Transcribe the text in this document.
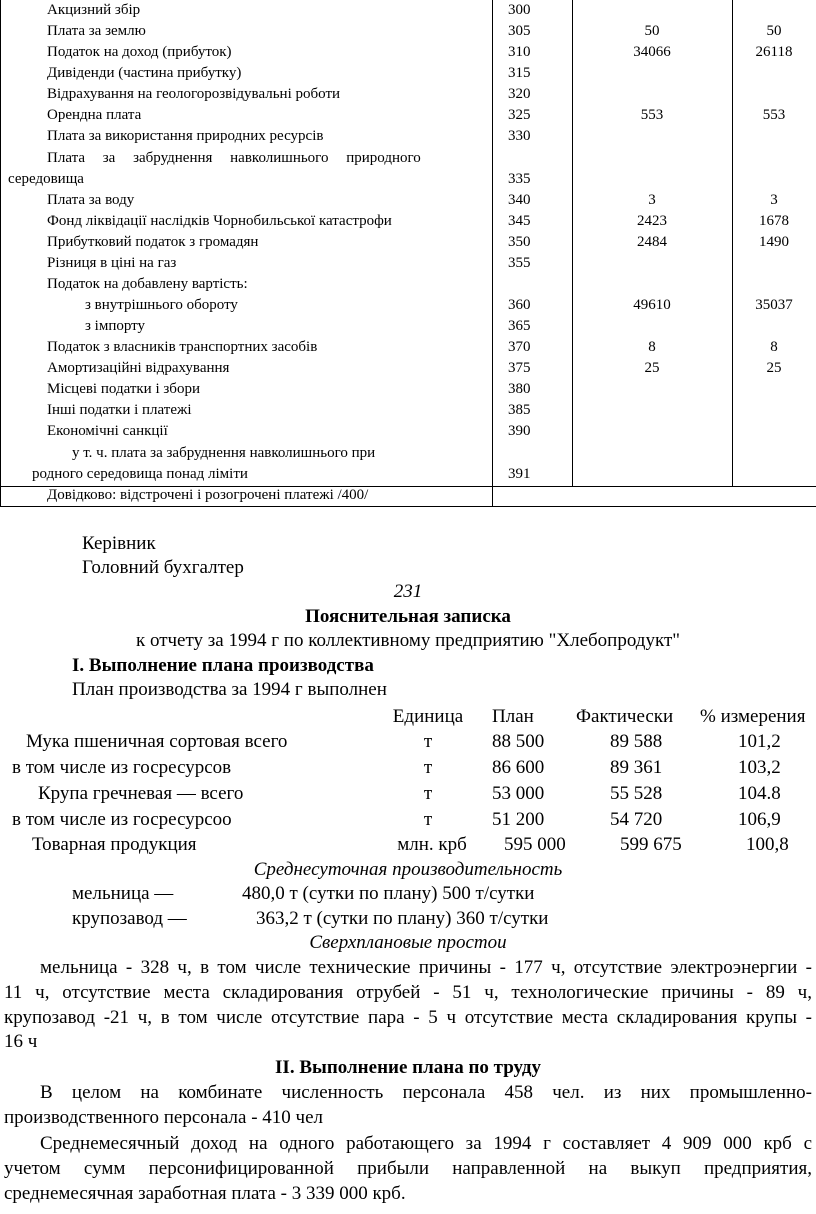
Акцизний збір	300
Плата за землю	305	50	50
Податок на доход (прибуток)	310	34066	26118
Дивіденди (частина прибутку)	315
Відрахування на геологорозвідувальні роботи	320
Орендна плата	325	553	553
Плата за використання природних ресурсів	330
Плата за забруднення навколишнього природного
середовища	335
Плата за воду	340	3	3
Фонд ліквідації наслідків Чорнобильської катастрофи	345	2423	1678
Прибутковий податок з громадян	350	2484	1490
Різниця в ціні на газ	355
Податок на добавлену вартість:
з внутрішнього обороту	360	49610	35037
з імпорту	365
Податок з власників транспортних засобів	370	8	8
Амортизаційні відрахування	375	25	25
Місцеві податки і збори	380
Інші податки і платежі	385
Економічні санкції	390
у т. ч. плата за забруднення навколишнього при
родного середовища понад ліміти	391
Довідково: відстрочені і розогрочені платежі /400/
Керівник
Головний бухгалтер
231
Пояснительная записка
к отчету за 1994 г по коллективному предприятию "Хлебопродукт"
I. Выполнение плана производства
План производства за 1994 г выполнен
Единица План Фактически % измерения
Мука пшеничная сортовая всего	т	88 500	89 588	101,2
в том числе из госресурсов	т	86 600	89 361	103,2
Крупа гречневая — всего	т	53 000	55 528	104.8
в том числе из госресурсоо	т	51 200	54 720	106,9
Товарная продукция	млн. крб	595 000	599 675	100,8
Среднесуточная производительность
мельница —	480,0 т (сутки по плану) 500 т/сутки
крупозавод —	363,2 т (сутки по плану) 360 т/сутки
Сверхплановые простои
мельница - 328 ч, в том числе технические причины - 177 ч, отсутствие электроэнергии -
11 ч, отсутствие места складирования отрубей - 51 ч, технологические причины - 89 ч,
крупозавод -21 ч, в том числе отсутствие пара - 5 ч отсутствие места складирования крупы -
16 ч
II. Выполнение плана по труду
В целом на комбинате численность персонала 458 чел. из них промышленно-
производственного персонала - 410 чел
Среднемесячный доход на одного работающего за 1994 г составляет 4 909 000 крб с
учетом сумм персонифицированной прибыли направленной на выкуп предприятия,
среднемесячная заработная плата - 3 339 000 крб.
